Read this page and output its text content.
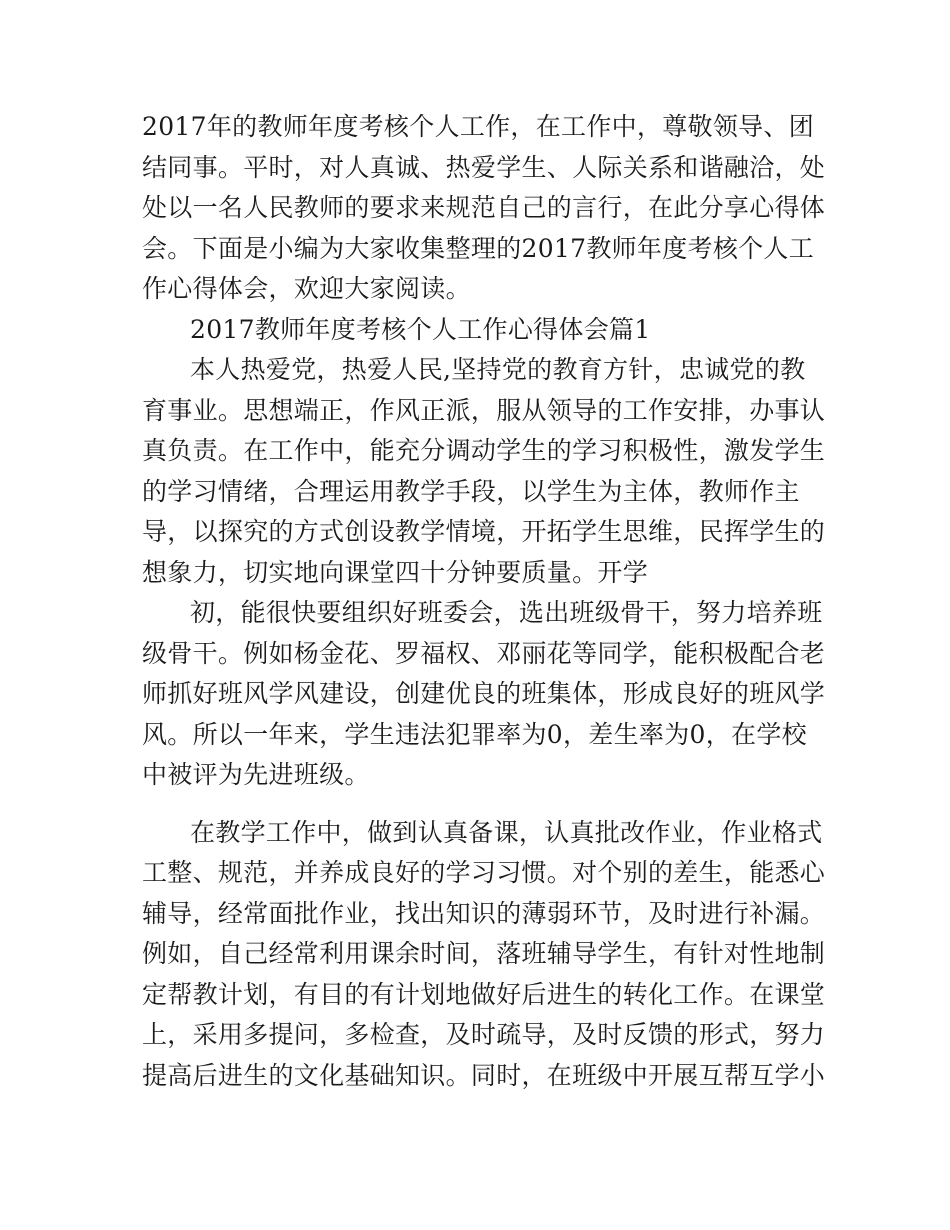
2017年的教师年度考核个人工作，在工作中，尊敬领导、团
结同事。平时，对人真诚、热爱学生、人际关系和谐融洽，处
处以一名人民教师的要求来规范自己的言行，在此分享心得体
会。下面是小编为大家收集整理的2017教师年度考核个人工
作心得体会，欢迎大家阅读。
2017教师年度考核个人工作心得体会篇1
本人热爱党，热爱人民,坚持党的教育方针，忠诚党的教
育事业。思想端正，作风正派，服从领导的工作安排，办事认
真负责。在工作中，能充分调动学生的学习积极性，激发学生
的学习情绪，合理运用教学手段，以学生为主体，教师作主
导，以探究的方式创设教学情境，开拓学生思维，民挥学生的
想象力，切实地向课堂四十分钟要质量。开学
初，能很快要组织好班委会，选出班级骨干，努力培养班
级骨干。例如杨金花、罗福权、邓丽花等同学，能积极配合老
师抓好班风学风建设，创建优良的班集体，形成良好的班风学
风。所以一年来，学生违法犯罪率为0，差生率为0，在学校
中被评为先进班级。
在教学工作中，做到认真备课，认真批改作业，作业格式
工整、规范，并养成良好的学习习惯。对个别的差生，能悉心
辅导，经常面批作业，找出知识的薄弱环节，及时进行补漏。
例如，自己经常利用课余时间，落班辅导学生，有针对性地制
定帮教计划，有目的有计划地做好后进生的转化工作。在课堂
上，采用多提问，多检查，及时疏导，及时反馈的形式，努力
提高后进生的文化基础知识。同时，在班级中开展互帮互学小
